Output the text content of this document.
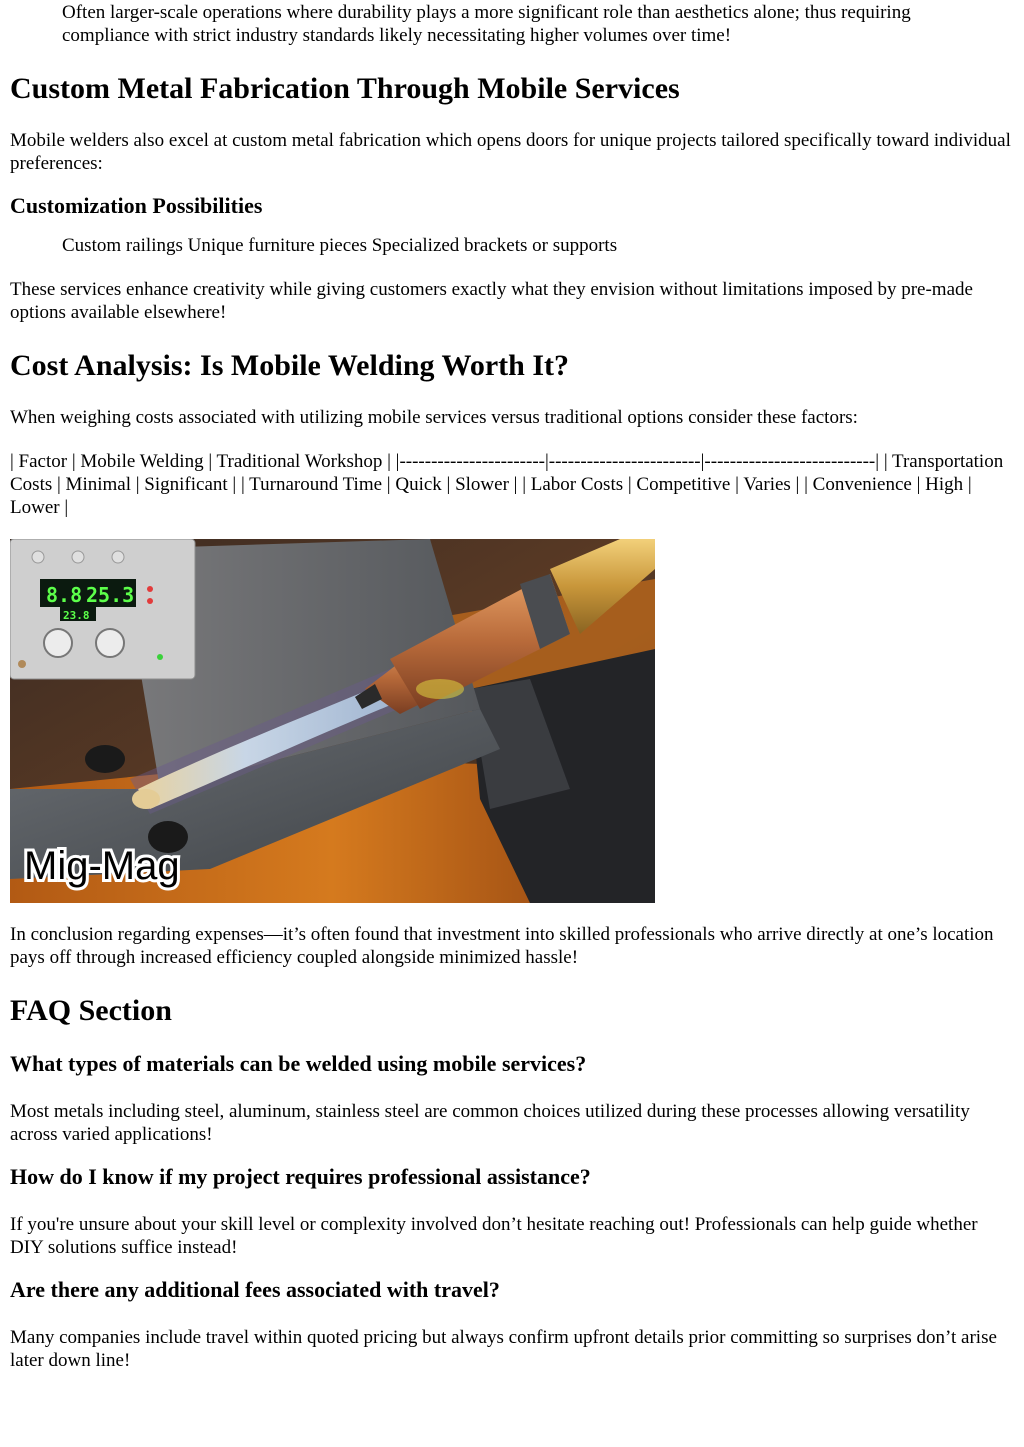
Often larger-scale operations where durability plays a more significant role than aesthetics alone; thus requiring compliance with strict industry standards likely necessitating higher volumes over time!

Custom Metal Fabrication Through Mobile Services

Mobile welders also excel at custom metal fabrication which opens doors for unique projects tailored specifically toward individual preferences:

Customization Possibilities

Custom railings Unique furniture pieces Specialized brackets or supports

These services enhance creativity while giving customers exactly what they envision without limitations imposed by pre-made options available elsewhere!

Cost Analysis: Is Mobile Welding Worth It?

When weighing costs associated with utilizing mobile services versus traditional options consider these factors:

| Factor | Mobile Welding | Traditional Workshop | |-----------------------|------------------------|---------------------------| | Transportation Costs | Minimal | Significant | | Turnaround Time | Quick | Slower | | Labor Costs | Competitive | Varies | | Convenience | High | Lower |

8.8 25.3
23.8
Mig-Mag

In conclusion regarding expenses—it’s often found that investment into skilled professionals who arrive directly at one’s location pays off through increased efficiency coupled alongside minimized hassle!

FAQ Section
What types of materials can be welded using mobile services?

Most metals including steel, aluminum, stainless steel are common choices utilized during these processes allowing versatility across varied applications!

How do I know if my project requires professional assistance?

If you're unsure about your skill level or complexity involved don’t hesitate reaching out! Professionals can help guide whether DIY solutions suffice instead!

Are there any additional fees associated with travel?

Many companies include travel within quoted pricing but always confirm upfront details prior committing so surprises don’t arise later down line!
